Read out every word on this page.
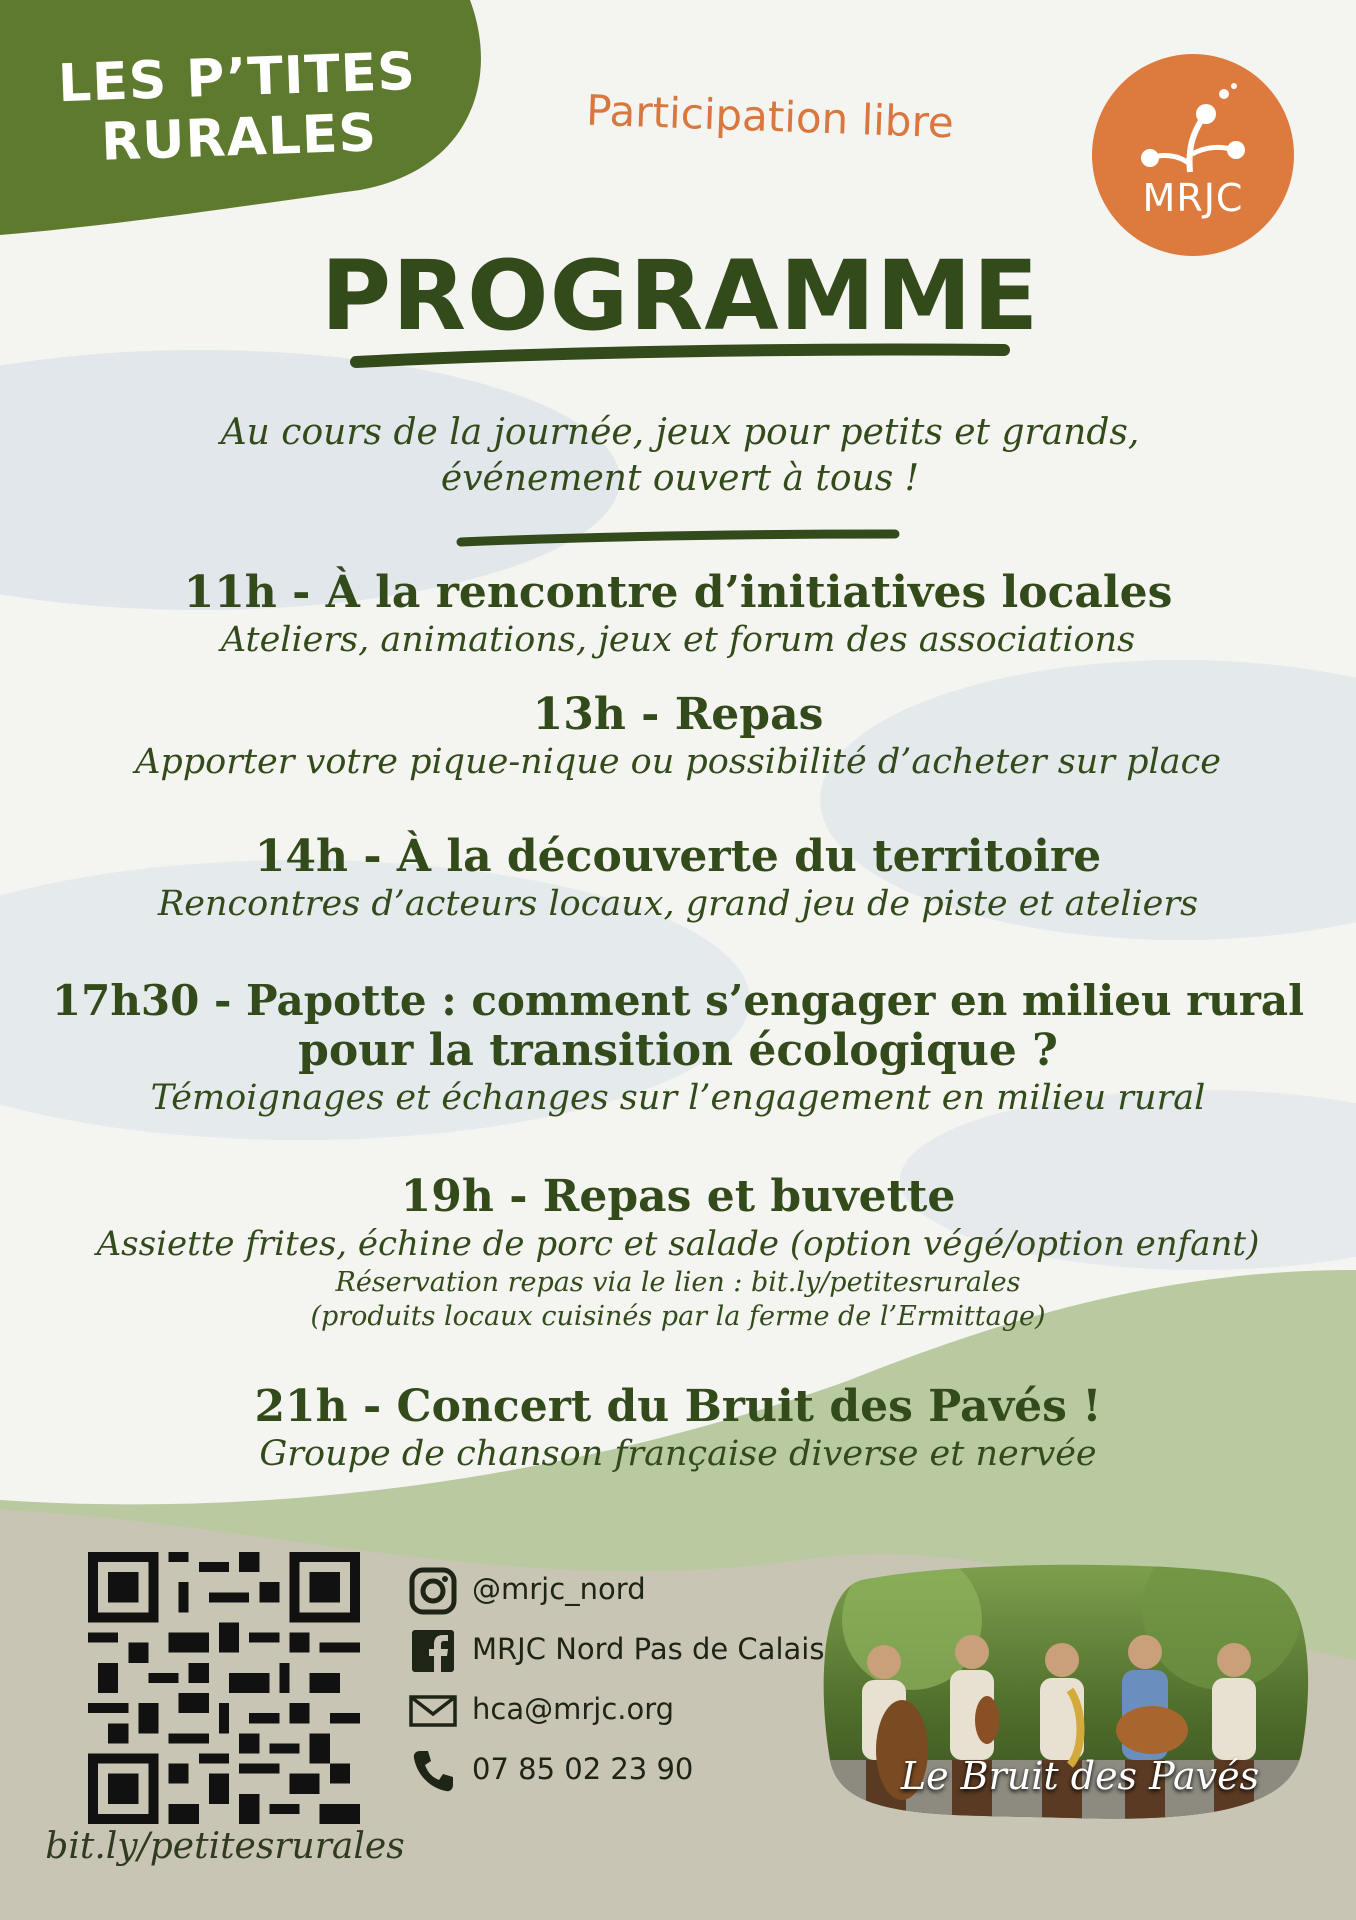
LES P’TITES
RURALES	Participation libre
MRJC
PROGRAMME
Au cours de la journée, jeux pour petits et grands,
événement ouvert à tous !
11h - À la rencontre d’initiatives locales
Ateliers, animations, jeux et forum des associations
13h - Repas
Apporter votre pique-nique ou possibilité d’acheter sur place
14h - À la découverte du territoire
Rencontres d’acteurs locaux, grand jeu de piste et ateliers
17h30 - Papotte : comment s’engager en milieu rural
pour la transition écologique ?
Témoignages et échanges sur l’engagement en milieu rural
19h - Repas et buvette
Assiette frites, échine de porc et salade (option végé/option enfant)
Réservation repas via le lien : bit.ly/petitesrurales
(produits locaux cuisinés par la ferme de l’Ermittage)
21h - Concert du Bruit des Pavés !
Groupe de chanson française diverse et nervée
bit.ly/petitesrurales
@mrjc_nord
MRJC Nord Pas de Calais
hca@mrjc.org
07 85 02 23 90	Le Bruit des Pavés
